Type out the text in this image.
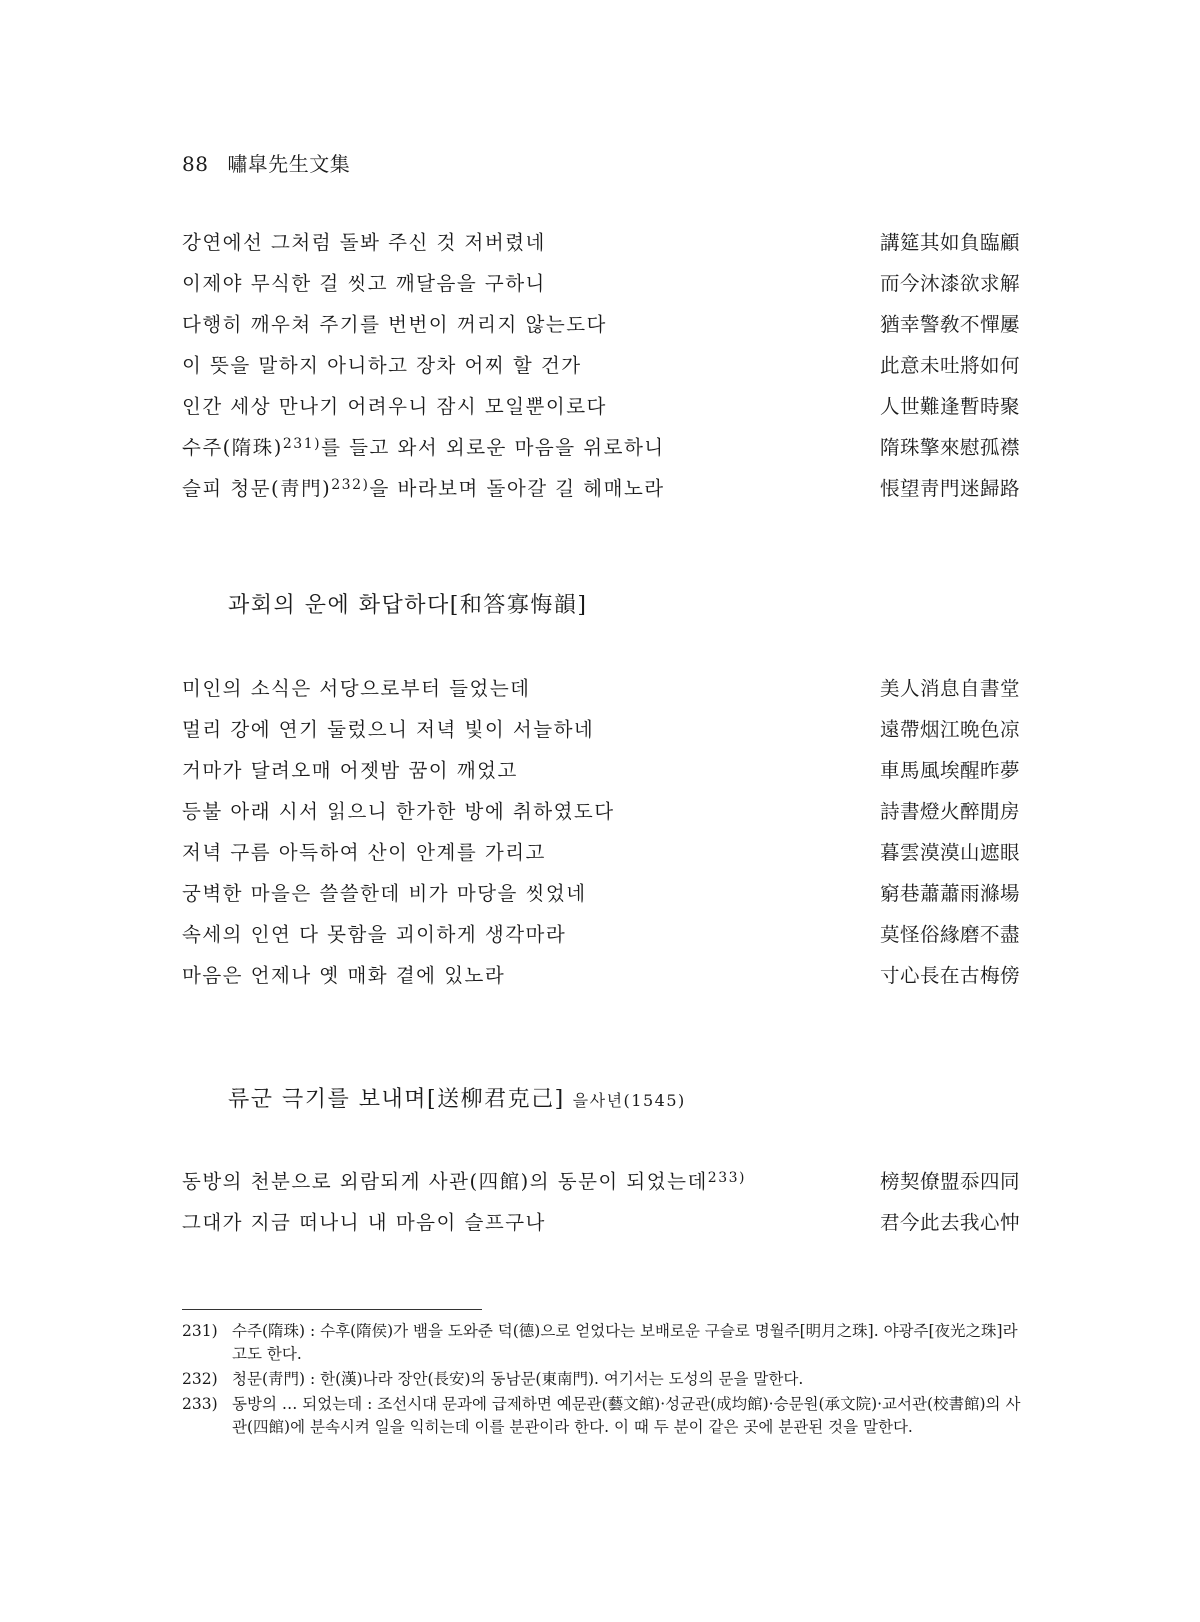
88 嘯皐先生文集
강연에선 그처럼 돌봐 주신 것 저버렸네	講筵其如負臨顧
이제야 무식한 걸 씻고 깨달음을 구하니	而今沐漆欲求解
다행히 깨우쳐 주기를 번번이 꺼리지 않는도다	猶幸警敎不憚屢
이 뜻을 말하지 아니하고 장차 어찌 할 건가	此意未吐將如何
인간 세상 만나기 어려우니 잠시 모일뿐이로다	人世難逢暫時聚
수주(隋珠)$^{231)}$를 들고 와서 외로운 마음을 위로하니	隋珠擎來慰孤襟
슬피 청문(靑門)$^{232)}$을 바라보며 돌아갈 길 헤매노라	悵望靑門迷歸路
과회의 운에 화답하다[和答寡悔韻]
미인의 소식은 서당으로부터 들었는데	美人消息自書堂
멀리 강에 연기 둘렀으니 저녁 빛이 서늘하네	遠帶烟江晩色凉
거마가 달려오매 어젯밤 꿈이 깨었고	車馬風埃醒昨夢
등불 아래 시서 읽으니 한가한 방에 취하였도다	詩書燈火醉閒房
저녁 구름 아득하여 산이 안계를 가리고	暮雲漠漠山遮眼
궁벽한 마을은 쓸쓸한데 비가 마당을 씻었네	窮巷蕭蕭雨滌場
속세의 인연 다 못함을 괴이하게 생각마라	莫怪俗緣磨不盡
마음은 언제나 옛 매화 곁에 있노라	寸心長在古梅傍
류군 극기를 보내며[送柳君克己] 을사년(1545)
동방의 천분으로 외람되게 사관(四館)의 동문이 되었는데$^{233)}$	榜契僚盟忝四同
그대가 지금 떠나니 내 마음이 슬프구나	君今此去我心忡
231) 수주(隋珠) : 수후(隋侯)가 뱀을 도와준 덕(德)으로 얻었다는 보배로운 구슬로 명월주[明月之珠]. 야광주[夜光之珠]라고도 한다.
232) 청문(靑門) : 한(漢)나라 장안(長安)의 동남문(東南門). 여기서는 도성의 문을 말한다.
233) 동방의 … 되었는데 : 조선시대 문과에 급제하면 예문관(藝文館)·성균관(成均館)·승문원(承文院)·교서관(校書館)의 사관(四館)에 분속시켜 일을 익히는데 이를 분관이라 한다. 이 때 두 분이 같은 곳에 분관된 것을 말한다.
